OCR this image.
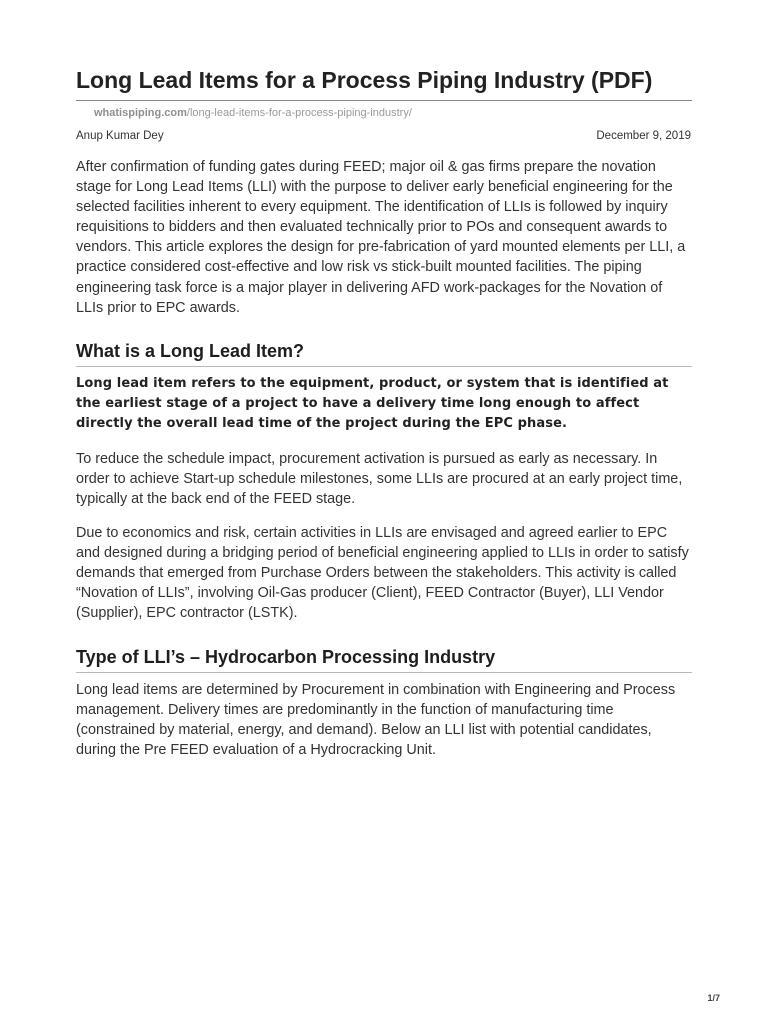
Long Lead Items for a Process Piping Industry (PDF)
whatispiping.com/long-lead-items-for-a-process-piping-industry/
Anup Kumar Dey	December 9, 2019

After confirmation of funding gates during FEED; major oil & gas firms prepare the novation stage for Long Lead Items (LLI) with the purpose to deliver early beneficial engineering for the selected facilities inherent to every equipment. The identification of LLIs is followed by inquiry requisitions to bidders and then evaluated technically prior to POs and consequent awards to vendors. This article explores the design for pre-fabrication of yard mounted elements per LLI, a practice considered cost-effective and low risk vs stick-built mounted facilities. The piping engineering task force is a major player in delivering AFD work-packages for the Novation of LLIs prior to EPC awards.

What is a Long Lead Item?

Long lead item refers to the equipment, product, or system that is identified at the earliest stage of a project to have a delivery time long enough to affect directly the overall lead time of the project during the EPC phase.

To reduce the schedule impact, procurement activation is pursued as early as necessary. In order to achieve Start-up schedule milestones, some LLIs are procured at an early project time, typically at the back end of the FEED stage.

Due to economics and risk, certain activities in LLIs are envisaged and agreed earlier to EPC and designed during a bridging period of beneficial engineering applied to LLIs in order to satisfy demands that emerged from Purchase Orders between the stakeholders. This activity is called “Novation of LLIs”, involving Oil-Gas producer (Client), FEED Contractor (Buyer), LLI Vendor (Supplier), EPC contractor (LSTK).

Type of LLI’s – Hydrocarbon Processing Industry

Long lead items are determined by Procurement in combination with Engineering and Process management. Delivery times are predominantly in the function of manufacturing time (constrained by material, energy, and demand). Below an LLI list with potential candidates, during the Pre FEED evaluation of a Hydrocracking Unit.

1/7
